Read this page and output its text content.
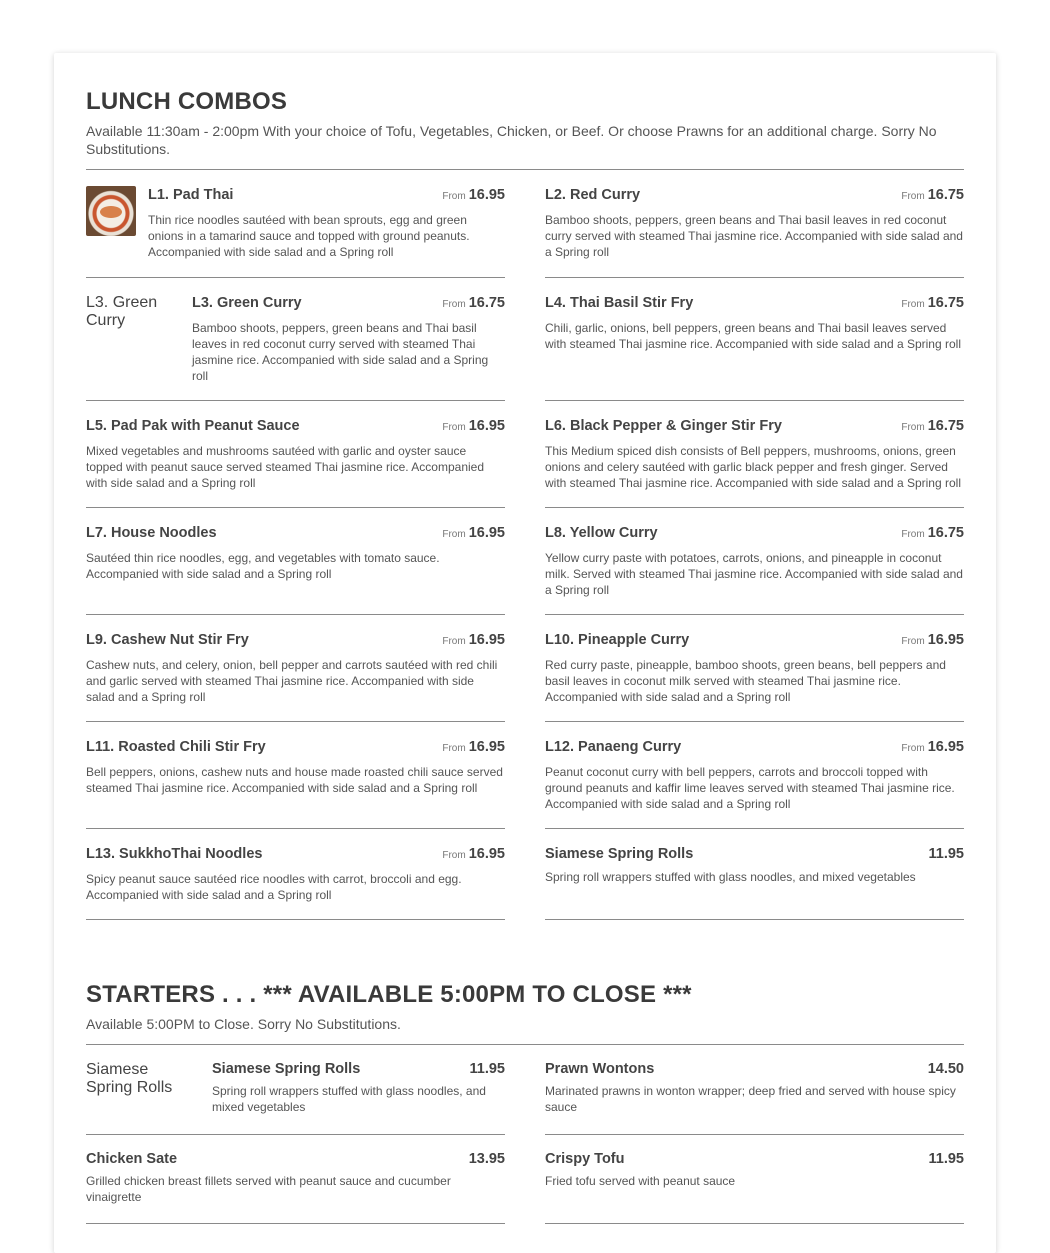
LUNCH COMBOS
Available 11:30am - 2:00pm With your choice of Tofu, Vegetables, Chicken, or Beef. Or choose Prawns for an additional charge. Sorry No Substitutions.
L1. Pad Thai	From 16.95
Thin rice noodles sautéed with bean sprouts, egg and green onions in a tamarind sauce and topped with ground peanuts. Accompanied with side salad and a Spring roll
L2. Red Curry	From 16.75
Bamboo shoots, peppers, green beans and Thai basil leaves in red coconut curry served with steamed Thai jasmine rice. Accompanied with side salad and a Spring roll
L3. Green Curry
L3. Green Curry	From 16.75
Bamboo shoots, peppers, green beans and Thai basil leaves in red coconut curry served with steamed Thai jasmine rice. Accompanied with side salad and a Spring roll
L4. Thai Basil Stir Fry	From 16.75
Chili, garlic, onions, bell peppers, green beans and Thai basil leaves served with steamed Thai jasmine rice. Accompanied with side salad and a Spring roll
L5. Pad Pak with Peanut Sauce	From 16.95
Mixed vegetables and mushrooms sautéed with garlic and oyster sauce topped with peanut sauce served steamed Thai jasmine rice. Accompanied with side salad and a Spring roll
L6. Black Pepper & Ginger Stir Fry	From 16.75
This Medium spiced dish consists of Bell peppers, mushrooms, onions, green onions and celery sautéed with garlic black pepper and fresh ginger. Served with steamed Thai jasmine rice. Accompanied with side salad and a Spring roll
L7. House Noodles	From 16.95
Sautéed thin rice noodles, egg, and vegetables with tomato sauce. Accompanied with side salad and a Spring roll
L8. Yellow Curry	From 16.75
Yellow curry paste with potatoes, carrots, onions, and pineapple in coconut milk. Served with steamed Thai jasmine rice. Accompanied with side salad and a Spring roll
L9. Cashew Nut Stir Fry	From 16.95
Cashew nuts, and celery, onion, bell pepper and carrots sautéed with red chili and garlic served with steamed Thai jasmine rice. Accompanied with side salad and a Spring roll
L10. Pineapple Curry	From 16.95
Red curry paste, pineapple, bamboo shoots, green beans, bell peppers and basil leaves in coconut milk served with steamed Thai jasmine rice. Accompanied with side salad and a Spring roll
L11. Roasted Chili Stir Fry	From 16.95
Bell peppers, onions, cashew nuts and house made roasted chili sauce served steamed Thai jasmine rice. Accompanied with side salad and a Spring roll
L12. Panaeng Curry	From 16.95
Peanut coconut curry with bell peppers, carrots and broccoli topped with ground peanuts and kaffir lime leaves served with steamed Thai jasmine rice. Accompanied with side salad and a Spring roll
L13. SukkhoThai Noodles	From 16.95
Spicy peanut sauce sautéed rice noodles with carrot, broccoli and egg. Accompanied with side salad and a Spring roll
Siamese Spring Rolls	11.95
Spring roll wrappers stuffed with glass noodles, and mixed vegetables
STARTERS . . . *** AVAILABLE 5:00PM TO CLOSE ***
Available 5:00PM to Close. Sorry No Substitutions.
Siamese Spring Rolls
Siamese Spring Rolls	11.95
Spring roll wrappers stuffed with glass noodles, and mixed vegetables
Prawn Wontons	14.50
Marinated prawns in wonton wrapper; deep fried and served with house spicy sauce
Chicken Sate	13.95
Grilled chicken breast fillets served with peanut sauce and cucumber vinaigrette
Crispy Tofu	11.95
Fried tofu served with peanut sauce
